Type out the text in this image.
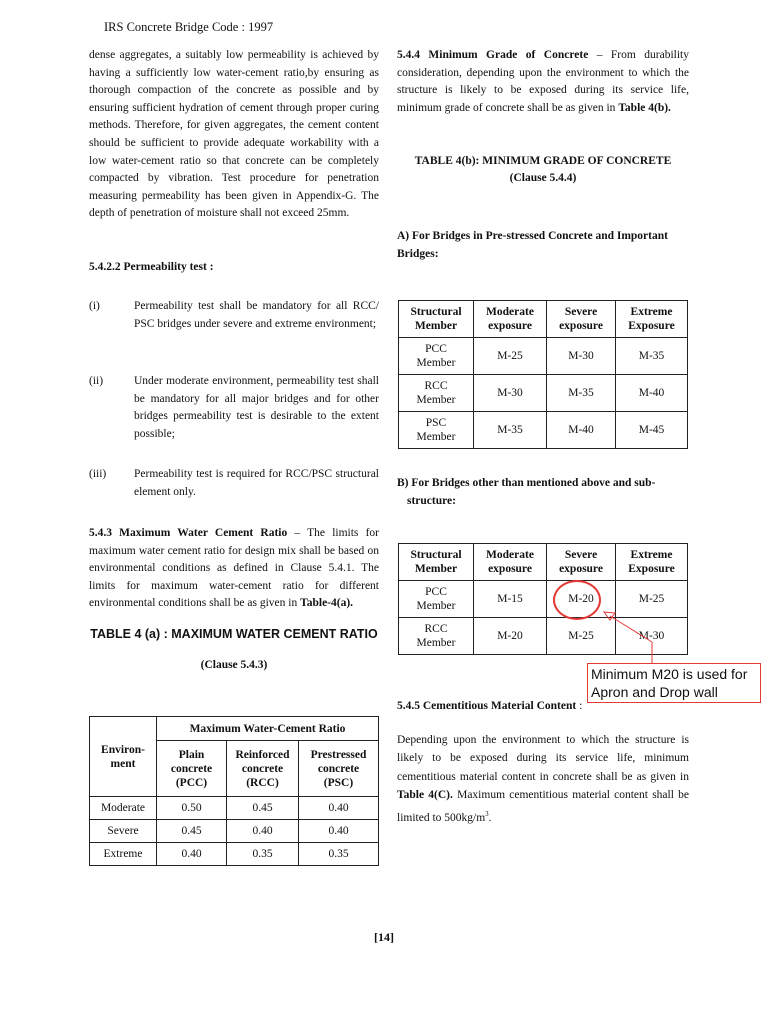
IRS Concrete Bridge Code : 1997

dense aggregates, a suitably low permeability is achieved by having a sufficiently low water-cement ratio,by ensuring as thorough compaction of the concrete as possible and by ensuring sufficient hydration of cement through proper curing methods. Therefore, for given aggregates, the cement content should be sufficient to provide adequate workability with a low water-cement ratio so that concrete can be completely compacted by vibration. Test procedure for penetration measuring permeability has been given in Appendix-G. The depth of penetration of moisture shall not exceed 25mm.

5.4.2.2 Permeability test :

(i)	Permeability test shall be mandatory for all RCC/ PSC bridges under severe and extreme environment;
(ii)	Under moderate environment, permeability test shall be mandatory for all major bridges and for other bridges permeability test is desirable to the extent possible;
(iii) Permeability test is required for RCC/PSC structural element only.

5.4.3 Maximum Water Cement Ratio – The limits for maximum water cement ratio for design mix shall be based on environmental conditions as defined in Clause 5.4.1. The limits for maximum water-cement ratio for different environmental conditions shall be as given in Table-4(a).

TABLE 4 (a) : MAXIMUM WATER CEMENT RATIO
(Clause 5.4.3)
Environ-
ment	Maximum Water-Cement Ratio		
	Plain
concrete
(PCC)	Reinforced
concrete
(RCC)	Prestressed
concrete
(PSC)
Moderate	0.50	0.45	0.40
Severe	0.45	0.40	0.40
Extreme	0.40	0.35	0.35

5.4.4 Minimum Grade of Concrete – From durability consideration, depending upon the environment to which the structure is likely to be exposed during its service life, minimum grade of concrete shall be as given in Table 4(b).

TABLE 4(b): MINIMUM GRADE OF CONCRETE
(Clause 5.4.4)

A) For Bridges in Pre-stressed Concrete and Important Bridges:

Structural
Member	Moderate
exposure	Severe
exposure	Extreme
Exposure
PCC
Member	M-25	M-30	M-35
RCC
Member	M-30	M-35	M-40
PSC
Member	M-35	M-40	M-45
B) For Bridges other than mentioned above and sub-
structure:
Structural
Member	Moderate
exposure	Severe
exposure	Extreme
Exposure
PCC
Member	M-15	M-20	M-25
RCC
Member	M-20	M-25	M-30
Minimum M20 is used for Apron and Drop wall

5.4.5 Cementitious Material Content :

Depending upon the environment to which the structure is likely to be exposed during its service life, minimum cementitious material content in concrete shall be as given in Table 4(C). Maximum cementitious material content shall be limited to $500kg/m^3$.

[14]
